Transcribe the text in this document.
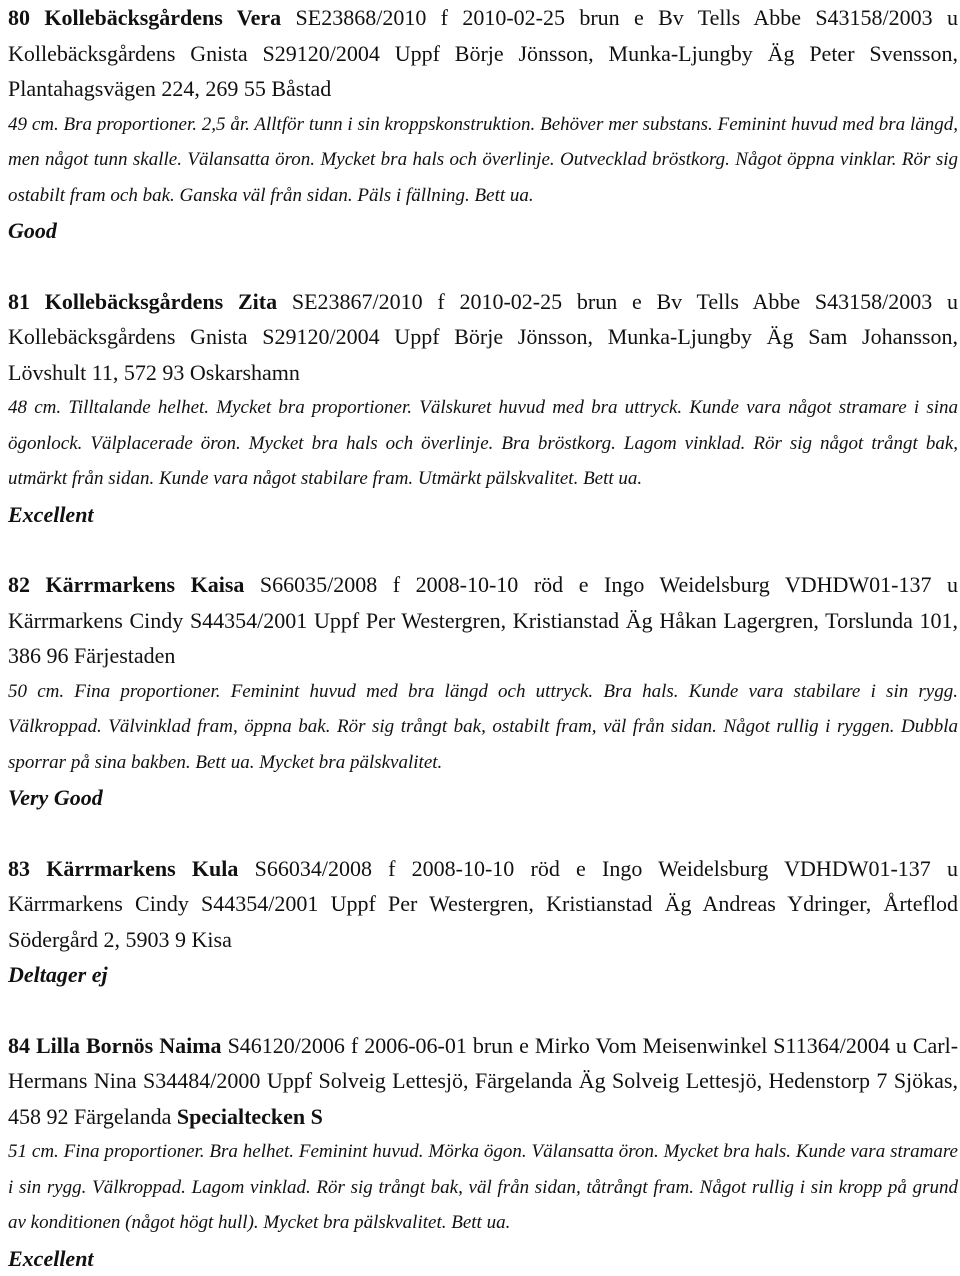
80 Kollebäcksgårdens Vera SE23868/2010 f 2010-02-25 brun e Bv Tells Abbe S43158/2003 u Kollebäcksgårdens Gnista S29120/2004 Uppf Börje Jönsson, Munka-Ljungby Äg Peter Svensson, Plantahagsvägen 224, 269 55 Båstad

49 cm. Bra proportioner. 2,5 år. Alltför tunn i sin kroppskonstruktion. Behöver mer substans. Feminint huvud med bra längd, men något tunn skalle. Välansatta öron. Mycket bra hals och överlinje. Outvecklad bröstkorg. Något öppna vinklar. Rör sig ostabilt fram och bak. Ganska väl från sidan. Päls i fällning. Bett ua.

Good

81 Kollebäcksgårdens Zita SE23867/2010 f 2010-02-25 brun e Bv Tells Abbe S43158/2003 u Kollebäcksgårdens Gnista S29120/2004 Uppf Börje Jönsson, Munka-Ljungby Äg Sam Johansson, Lövshult 11, 572 93 Oskarshamn

48 cm. Tilltalande helhet. Mycket bra proportioner. Välskuret huvud med bra uttryck. Kunde vara något stramare i sina ögonlock. Välplacerade öron. Mycket bra hals och överlinje. Bra bröstkorg. Lagom vinklad. Rör sig något trångt bak, utmärkt från sidan. Kunde vara något stabilare fram. Utmärkt pälskvalitet. Bett ua.

Excellent

82 Kärrmarkens Kaisa S66035/2008 f 2008-10-10 röd e Ingo Weidelsburg VDHDW01-137 u Kärrmarkens Cindy S44354/2001 Uppf Per Westergren, Kristianstad Äg Håkan Lagergren, Torslunda 101, 386 96 Färjestaden

50 cm. Fina proportioner. Feminint huvud med bra längd och uttryck. Bra hals. Kunde vara stabilare i sin rygg. Välkroppad. Välvinklad fram, öppna bak. Rör sig trångt bak, ostabilt fram, väl från sidan. Något rullig i ryggen. Dubbla sporrar på sina bakben. Bett ua. Mycket bra pälskvalitet.

Very Good

83 Kärrmarkens Kula S66034/2008 f 2008-10-10 röd e Ingo Weidelsburg VDHDW01-137 u Kärrmarkens Cindy S44354/2001 Uppf Per Westergren, Kristianstad Äg Andreas Ydringer, Årteflod Södergård 2, 5903 9 Kisa

Deltager ej

84 Lilla Bornös Naima S46120/2006 f 2006-06-01 brun e Mirko Vom Meisenwinkel S11364/2004 u Carl-Hermans Nina S34484/2000 Uppf Solveig Lettesjö, Färgelanda Äg Solveig Lettesjö, Hedenstorp 7 Sjökas, 458 92 Färgelanda Specialtecken S

51 cm. Fina proportioner. Bra helhet. Feminint huvud. Mörka ögon. Välansatta öron. Mycket bra hals. Kunde vara stramare i sin rygg. Välkroppad. Lagom vinklad. Rör sig trångt bak, väl från sidan, tåtrångt fram. Något rullig i sin kropp på grund av konditionen (något högt hull). Mycket bra pälskvalitet. Bett ua.

Excellent
